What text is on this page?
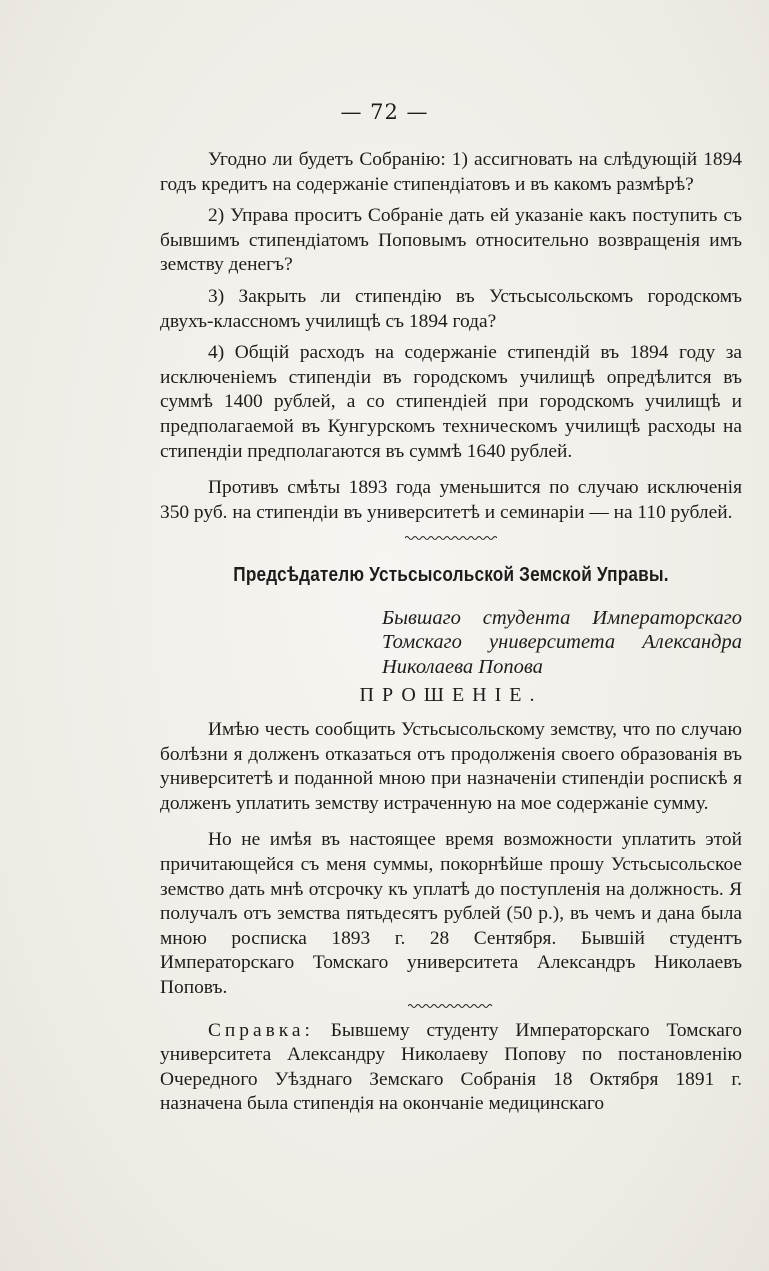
— 72 —

Угодно ли будетъ Собранію: 1) ассигновать на слѣдующій 1894 годъ кредитъ на содержаніе стипендіатовъ и въ какомъ размѣрѣ?

2) Управа проситъ Собраніе дать ей указаніе какъ поступить съ бывшимъ стипендіатомъ Поповымъ относительно возвращенія имъ земству денегъ?

3) Закрыть ли стипендію въ Устьсысольскомъ городскомъ двухъ-классномъ училищѣ съ 1894 года?

4) Общій расходъ на содержаніе стипендій въ 1894 году за исключеніемъ стипендіи въ городскомъ училищѣ опредѣлится въ суммѣ 1400 рублей, а со стипендіей при городскомъ училищѣ и предполагаемой въ Кунгурскомъ техническомъ училищѣ расходы на стипендіи предполагаются въ суммѣ 1640 рублей.

Противъ смѣты 1893 года уменьшится по случаю исключенія 350 руб. на стипендіи въ университетѣ и семинаріи — на 110 рублей.

Предсѣдателю Устьсысольской Земской Управы.
Бывшаго студента Императорскаго
Томскаго университета Александра
Николаева Попова
ПРОШЕНІЕ.

Имѣю честь сообщить Устьсысольскому земству, что по случаю болѣзни я долженъ отказаться отъ продолженія своего образованія въ университетѣ и поданной мною при назначеніи стипендіи роспискѣ я долженъ уплатить земству истраченную на мое содержаніе сумму.

Но не имѣя въ настоящее время возможности уплатить этой причитающейся съ меня суммы, покорнѣйше прошу Устьсысольское земство дать мнѣ отсрочку къ уплатѣ до поступленія на должность. Я получалъ отъ земства пятьдесятъ рублей (50 р.), въ чемъ и дана была мною росписка 1893 г. 28 Сентября. Бывшій студентъ Императорскаго Томскаго университета Александръ Николаевъ Поповъ.

Справка: Бывшему студенту Императорскаго Томскаго университета Александру Николаеву Попову по постановленію Очередного Уѣзднаго Земскаго Собранія 18 Октября 1891 г. назначена была стипендія на окончаніе медицинскаго
